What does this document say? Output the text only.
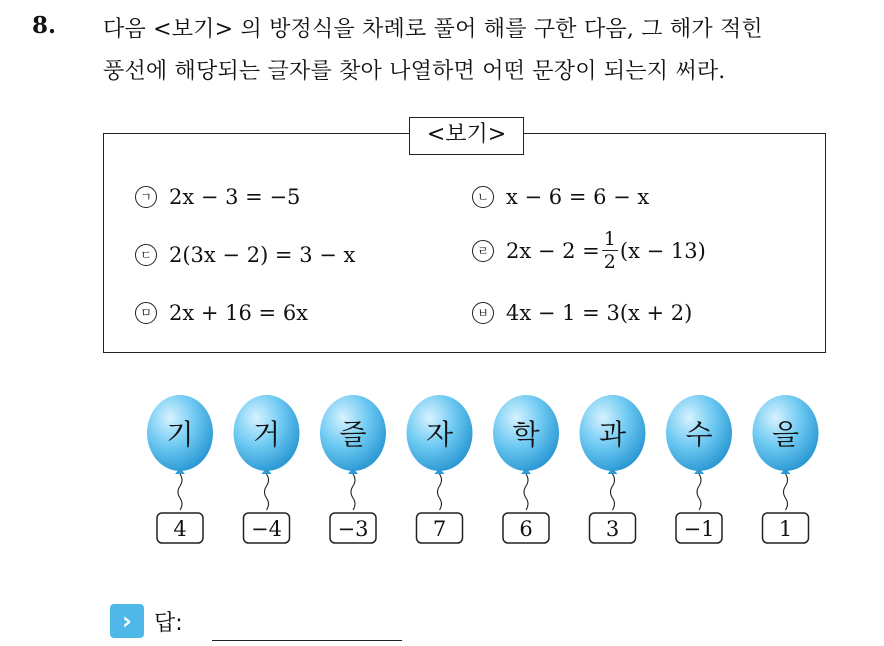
8. 다음 <보기> 의 방정식을 차례로 풀어 해를 구한 다음, 그 해가 적힌
풍선에 해당되는 글자를 찾아 나열하면 어떤 문장이 되는지 써라.
<보기>
ㄱ 2x − 3 = −5	ㄴ x − 6 = 6 − x
ㄷ 2(3x − 2) = 3 − x	ㄹ $2x - 2 = \frac{1}{2} (x - 13)$
ㅁ 2x + 16 = 6x	ㅂ 4x − 1 = 3(x + 2)
기
4
거
−4
즐
−3
자
7
학
6
과
3
수
−1
을
1
›	답:
